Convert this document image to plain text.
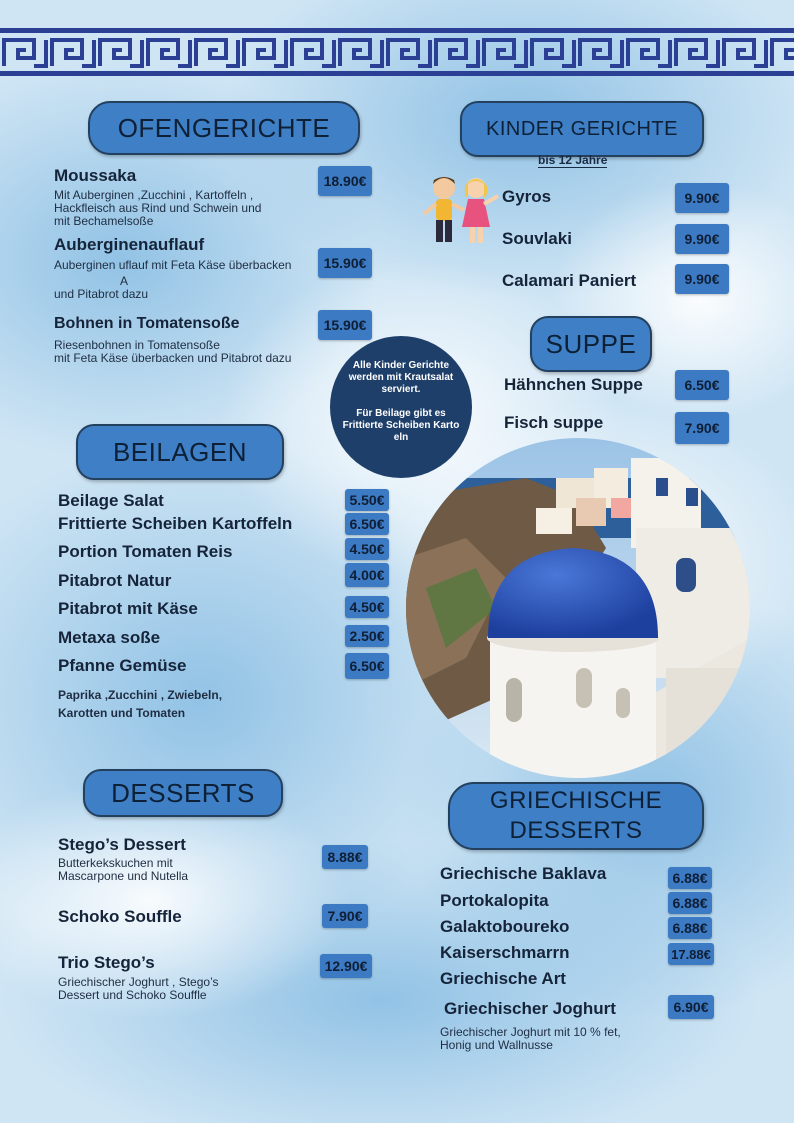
OFENGERICHTE
Moussaka
Mit Auberginen ,Zucchini , Kartoffeln ,
Hackfleisch aus Rind und Schwein und
mit Bechamelsoße
18.90€
Auberginenauflauf
Auberginen uflauf mit Feta Käse überbacken
A
und Pitabrot dazu
15.90€
Bohnen in Tomatensoße
Riesenbohnen in Tomatensoße
mit Feta Käse überbacken und Pitabrot dazu
15.90€
KINDER GERICHTE
bis 12 Jahre
Gyros	9.90€
Souvlaki	9.90€
Calamari Paniert	9.90€
Alle Kinder Gerichte werden mit Krautsalat serviert.
Für Beilage gibt es Frittierte Scheiben Karto eln
SUPPE
Hähnchen Suppe	6.50€
Fisch suppe	7.90€
BEILAGEN
Beilage Salat	5.50€
Frittierte Scheiben Kartoffeln	6.50€
Portion Tomaten Reis	4.50€
Pitabrot Natur	4.00€
Pitabrot mit Käse	4.50€
Metaxa soße	2.50€
Pfanne Gemüse	6.50€
Paprika ,Zucchini , Zwiebeln,
Karotten und Tomaten
DESSERTS
Stego’s Dessert
Butterkekskuchen mit
Mascarpone und Nutella
8.88€
Schoko Souffle	7.90€
Trio Stego’s
Griechischer Joghurt , Stego’s
Dessert und Schoko Souffle
12.90€
GRIECHISCHE
DESSERTS
Griechische Baklava	6.88€
Portokalopita	6.88€
Galaktoboureko	6.88€
Kaiserschmarrn	17.88€
Griechische Art
Griechischer Joghurt	6.90€
Griechischer Joghurt mit 10 % fet,
Honig und Wallnusse
